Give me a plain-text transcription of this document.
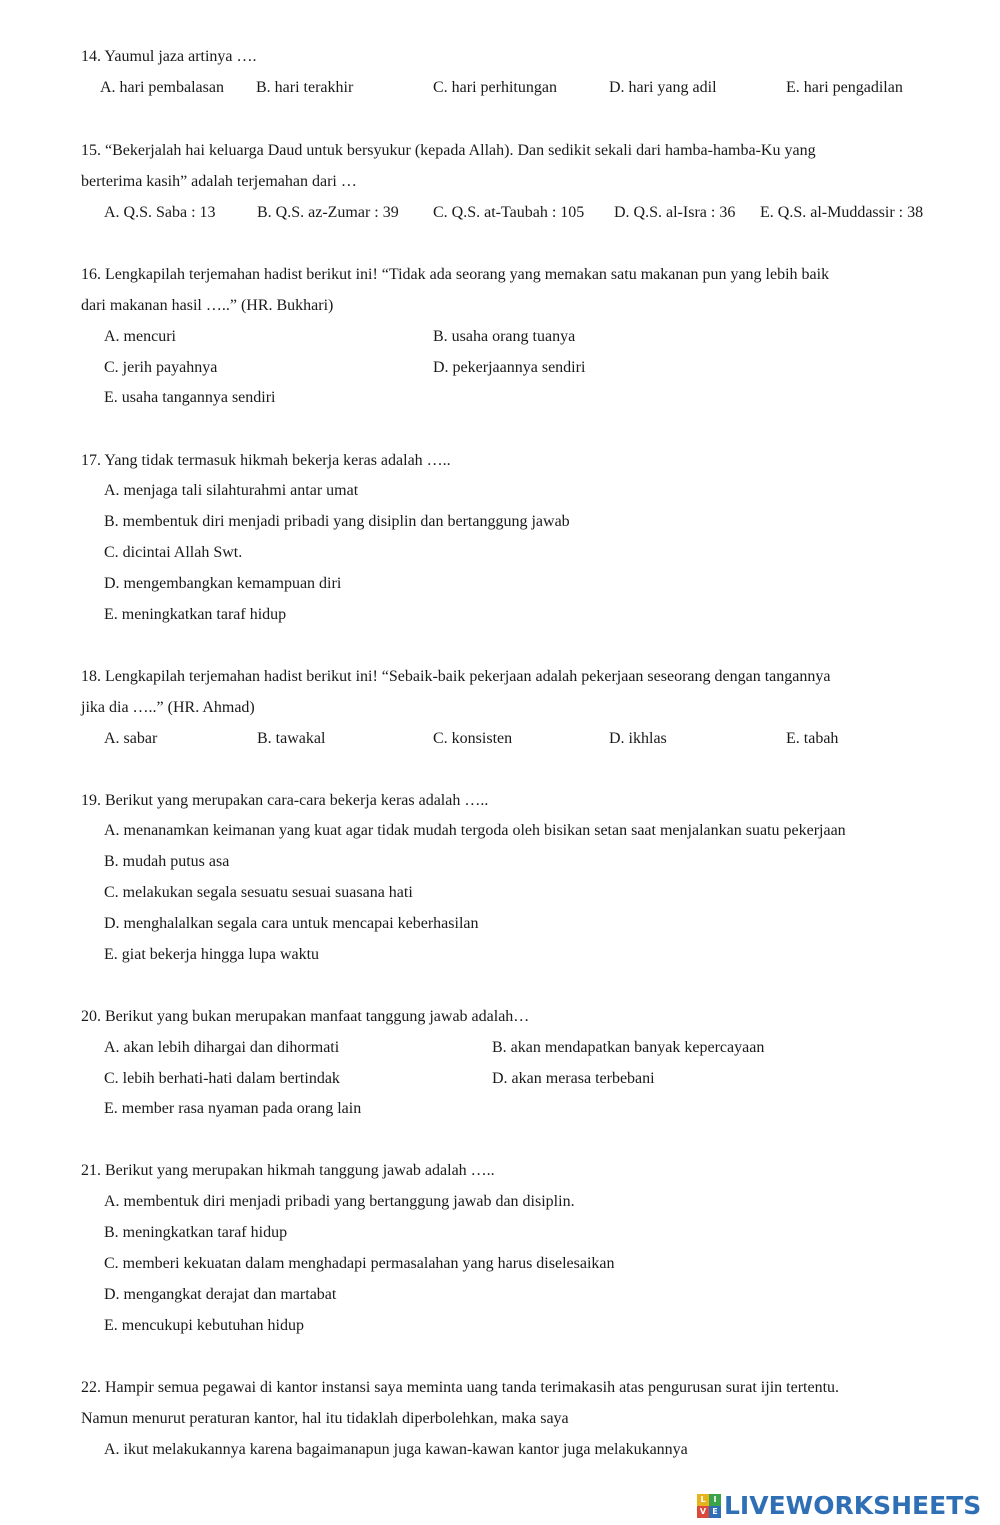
14. Yaumul jaza artinya ….
A. hari pembalasan B. hari terakhir	C. hari perhitungan	D. hari yang adil	E. hari pengadilan
15. “Bekerjalah hai keluarga Daud untuk bersyukur (kepada Allah). Dan sedikit sekali dari hamba-hamba-Ku yang
berterima kasih” adalah terjemahan dari …
A. Q.S. Saba : 13	B. Q.S. az-Zumar : 39 C. Q.S. at-Taubah : 105 D. Q.S. al-Isra : 36 E. Q.S. al-Muddassir : 38
16. Lengkapilah terjemahan hadist berikut ini! “Tidak ada seorang yang memakan satu makanan pun yang lebih baik
dari makanan hasil …..” (HR. Bukhari)
A. mencuri	B. usaha orang tuanya
C. jerih payahnya	D. pekerjaannya sendiri
E. usaha tangannya sendiri
17. Yang tidak termasuk hikmah bekerja keras adalah …..
A. menjaga tali silahturahmi antar umat
B. membentuk diri menjadi pribadi yang disiplin dan bertanggung jawab
C. dicintai Allah Swt.
D. mengembangkan kemampuan diri
E. meningkatkan taraf hidup
18. Lengkapilah terjemahan hadist berikut ini! “Sebaik-baik pekerjaan adalah pekerjaan seseorang dengan tangannya
jika dia …..” (HR. Ahmad)
A. sabar	B. tawakal	C. konsisten	D. ikhlas	E. tabah
19. Berikut yang merupakan cara-cara bekerja keras adalah …..
A. menanamkan keimanan yang kuat agar tidak mudah tergoda oleh bisikan setan saat menjalankan suatu pekerjaan
B. mudah putus asa
C. melakukan segala sesuatu sesuai suasana hati
D. menghalalkan segala cara untuk mencapai keberhasilan
E. giat bekerja hingga lupa waktu
20. Berikut yang bukan merupakan manfaat tanggung jawab adalah…
A. akan lebih dihargai dan dihormati	B. akan mendapatkan banyak kepercayaan
C. lebih berhati-hati dalam bertindak	D. akan merasa terbebani
E. member rasa nyaman pada orang lain
21. Berikut yang merupakan hikmah tanggung jawab adalah …..
A. membentuk diri menjadi pribadi yang bertanggung jawab dan disiplin.
B. meningkatkan taraf hidup
C. memberi kekuatan dalam menghadapi permasalahan yang harus diselesaikan
D. mengangkat derajat dan martabat
E. mencukupi kebutuhan hidup
22. Hampir semua pegawai di kantor instansi saya meminta uang tanda terimakasih atas pengurusan surat ijin tertentu.
Namun menurut peraturan kantor, hal itu tidaklah diperbolehkan, maka saya
A. ikut melakukannya karena bagaimanapun juga kawan-kawan kantor juga melakukannya
L I
V E LIVEWORKSHEETS
